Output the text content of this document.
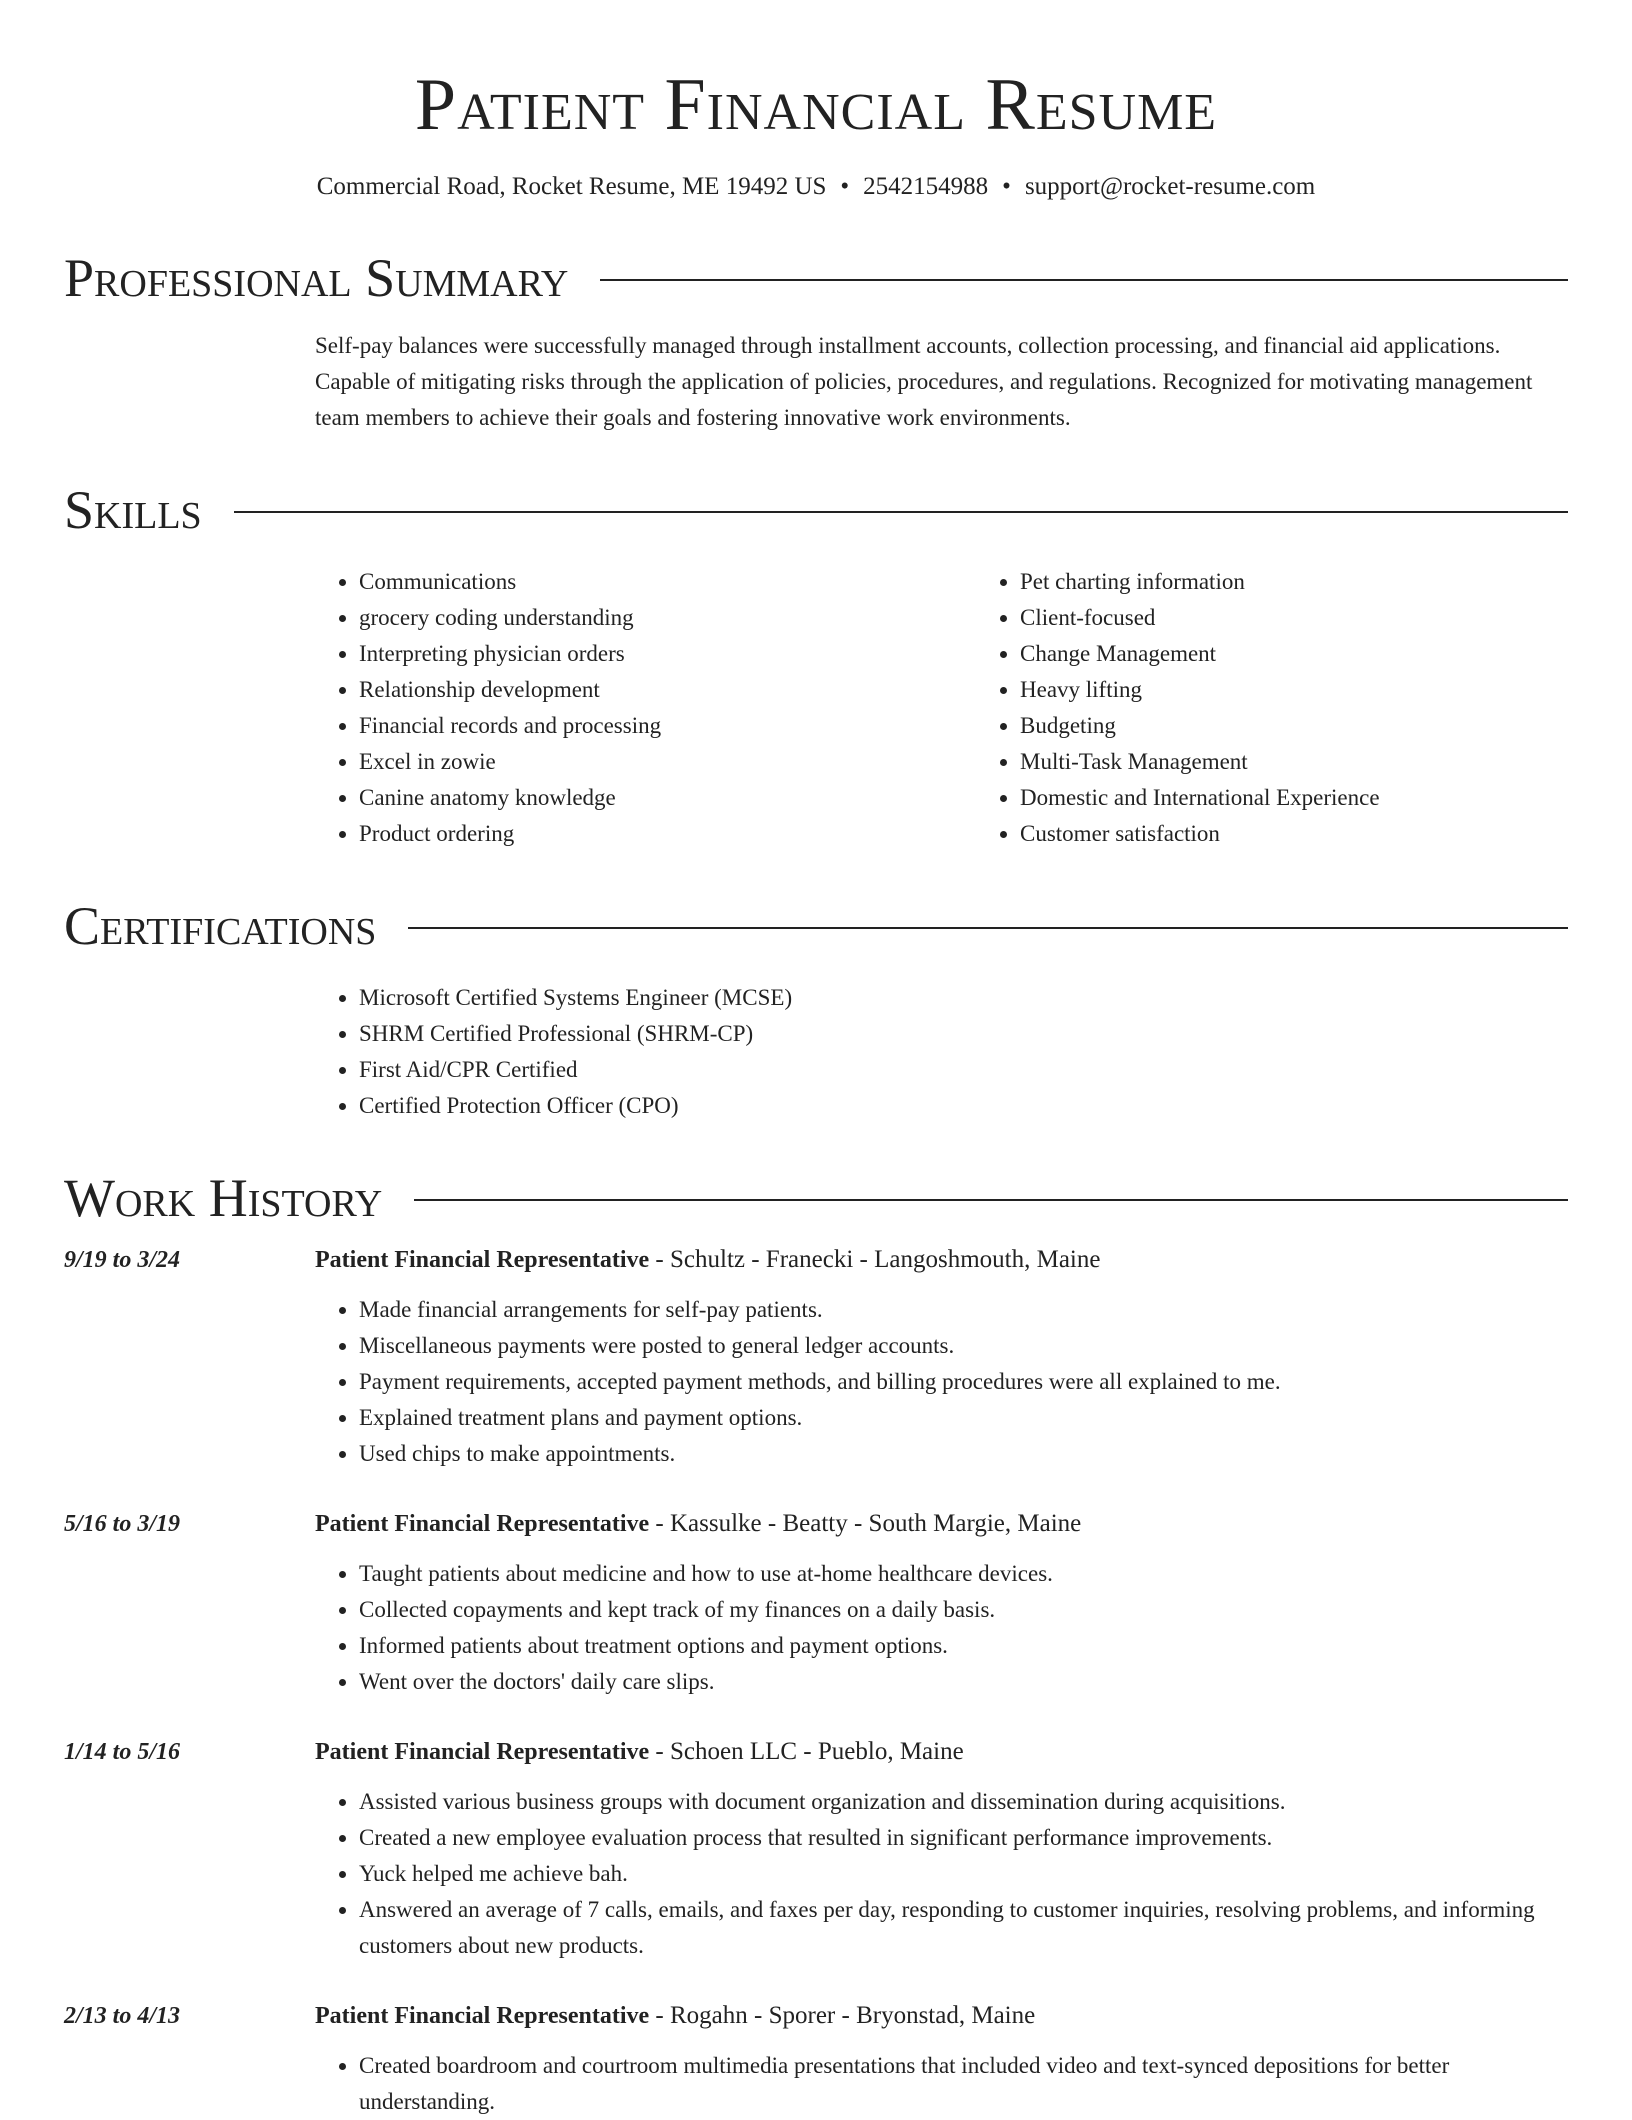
Patient Financial Resume
Commercial Road, Rocket Resume, ME 19492 US • 2542154988 • support@rocket-resume.com
Professional Summary
Self-pay balances were successfully managed through installment accounts, collection processing, and financial aid applications. Capable of mitigating risks through the application of policies, procedures, and regulations. Recognized for motivating management team members to achieve their goals and fostering innovative work environments.
Skills
• Communications
• grocery coding understanding
• Interpreting physician orders
• Relationship development
• Financial records and processing
• Excel in zowie
• Canine anatomy knowledge
• Product ordering
• Pet charting information
• Client-focused
• Change Management
• Heavy lifting
• Budgeting
• Multi-Task Management
• Domestic and International Experience
• Customer satisfaction
Certifications
• Microsoft Certified Systems Engineer (MCSE)
• SHRM Certified Professional (SHRM-CP)
• First Aid/CPR Certified
• Certified Protection Officer (CPO)
Work History
9/19 to 3/24	Patient Financial Representative - Schultz - Franecki - Langoshmouth, Maine
• Made financial arrangements for self-pay patients.
• Miscellaneous payments were posted to general ledger accounts.
• Payment requirements, accepted payment methods, and billing procedures were all explained to me.
• Explained treatment plans and payment options.
• Used chips to make appointments.
5/16 to 3/19	Patient Financial Representative - Kassulke - Beatty - South Margie, Maine
• Taught patients about medicine and how to use at-home healthcare devices.
• Collected copayments and kept track of my finances on a daily basis.
• Informed patients about treatment options and payment options.
• Went over the doctors' daily care slips.
1/14 to 5/16	Patient Financial Representative - Schoen LLC - Pueblo, Maine
• Assisted various business groups with document organization and dissemination during acquisitions.
• Created a new employee evaluation process that resulted in significant performance improvements.
• Yuck helped me achieve bah.
• Answered an average of 7 calls, emails, and faxes per day, responding to customer inquiries, resolving problems, and informing customers about new products.
2/13 to 4/13	Patient Financial Representative - Rogahn - Sporer - Bryonstad, Maine
• Created boardroom and courtroom multimedia presentations that included video and text-synced depositions for better understanding.
